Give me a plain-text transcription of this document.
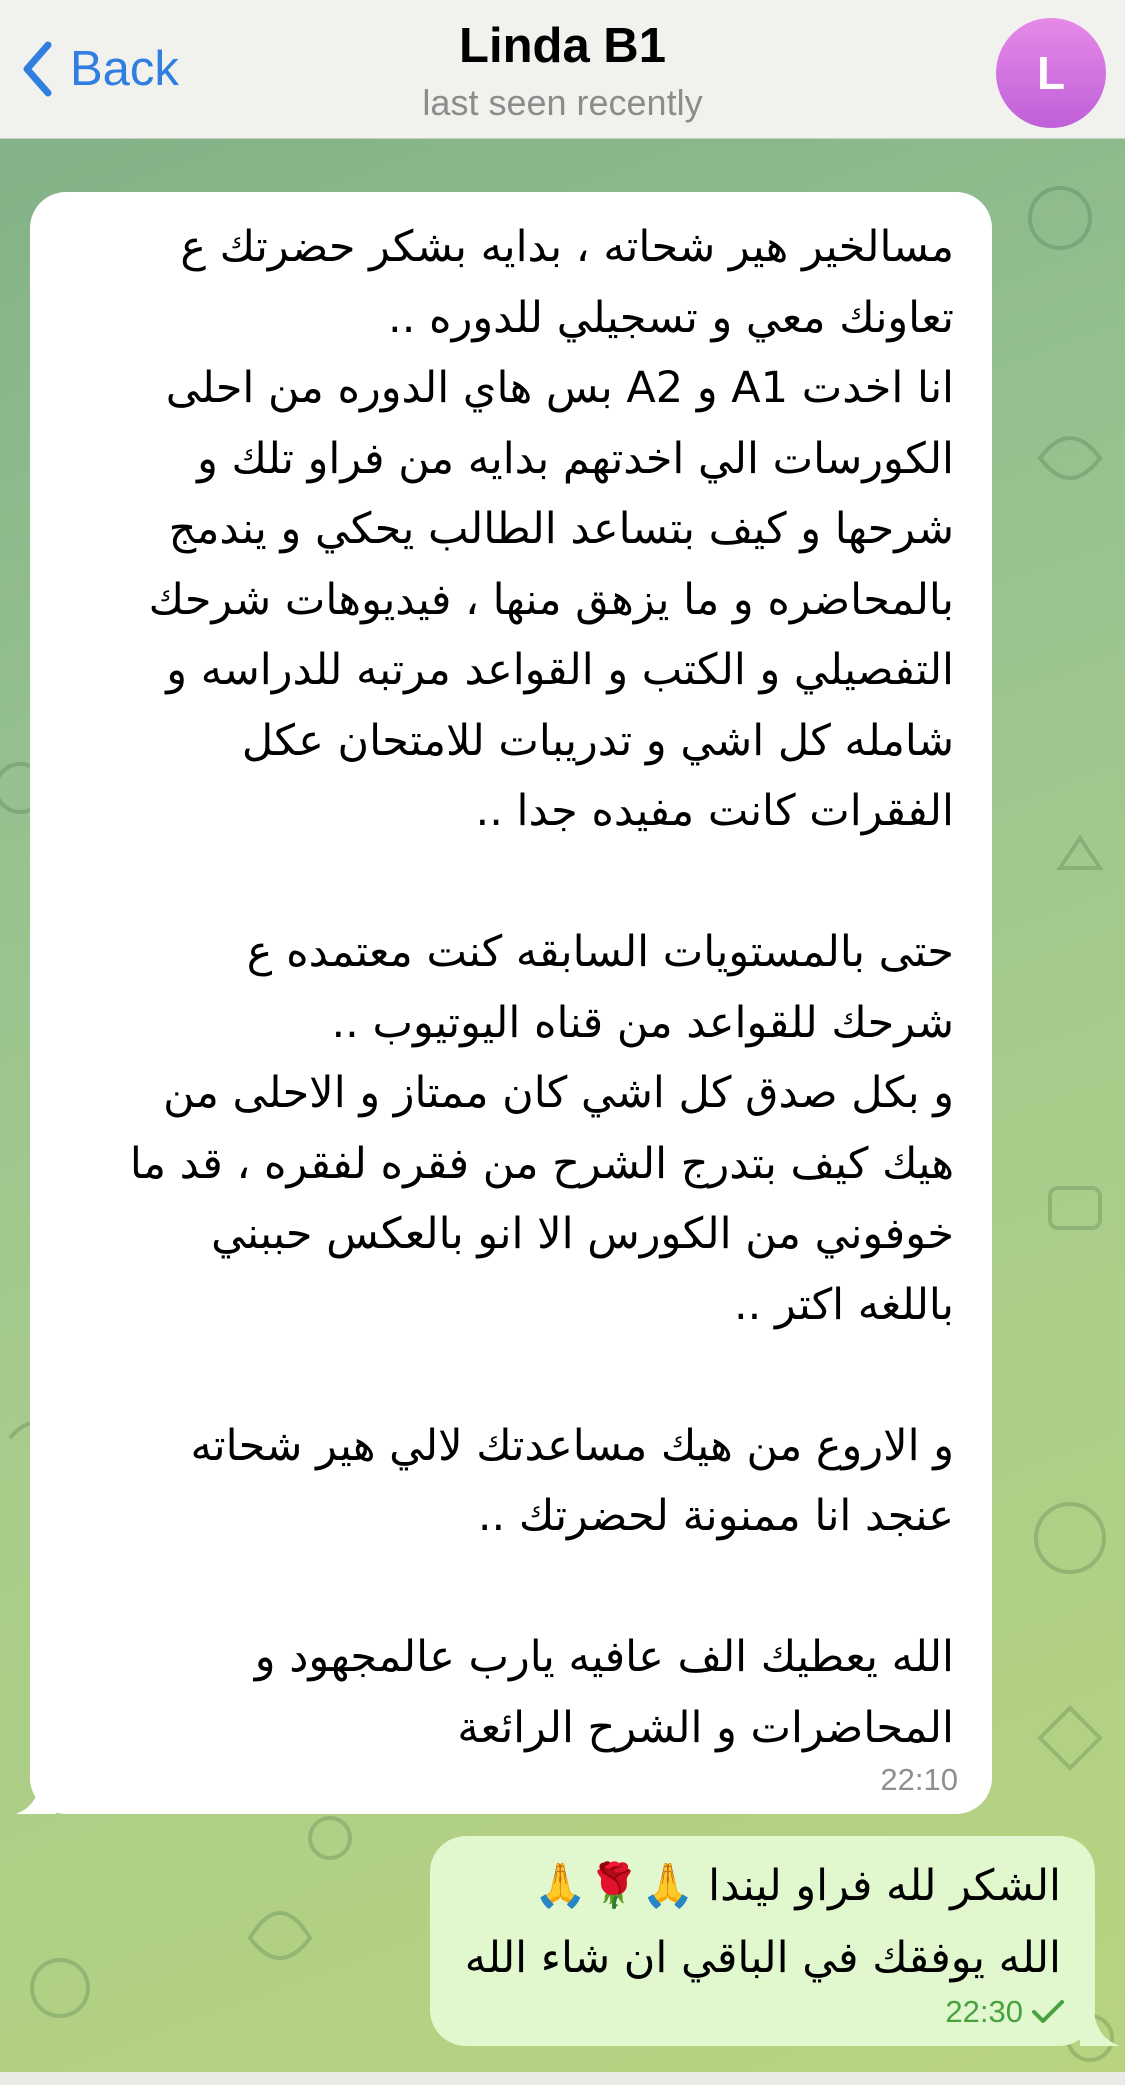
Back	Linda B1
last seen recently
L
مسالخير هير شحاته ، بدايه بشكر حضرتك ع
تعاونك معي و تسجيلي للدوره ..
انا اخدت A1 و A2 بس هاي الدوره من احلى
الكورسات الي اخدتهم بدايه من فراو تلك و
شرحها و كيف بتساعد الطالب يحكي و يندمج
بالمحاضره و ما يزهق منها ، فيديوهات شرحك
التفصيلي و الكتب و القواعد مرتبه للدراسه و
شامله كل اشي و تدريبات للامتحان عكل
الفقرات كانت مفيده جدا ..

حتى بالمستويات السابقه كنت معتمده ع
شرحك للقواعد من قناه اليوتيوب ..
و بكل صدق كل اشي كان ممتاز و الاحلى من
هيك كيف بتدرج الشرح من فقره لفقره ، قد ما
خوفوني من الكورس الا انو بالعكس حببني
باللغه اكتر ..

و الاروع من هيك مساعدتك لالي هير شحاته
عنجد انا ممنونة لحضرتك ..

الله يعطيك الف عافيه يارب عالمجهود و
المحاضرات و الشرح الرائعة
22:10
الشكر لله فراو ليندا 🙏🌹🙏
الله يوفقك في الباقي ان شاء الله
22:30
